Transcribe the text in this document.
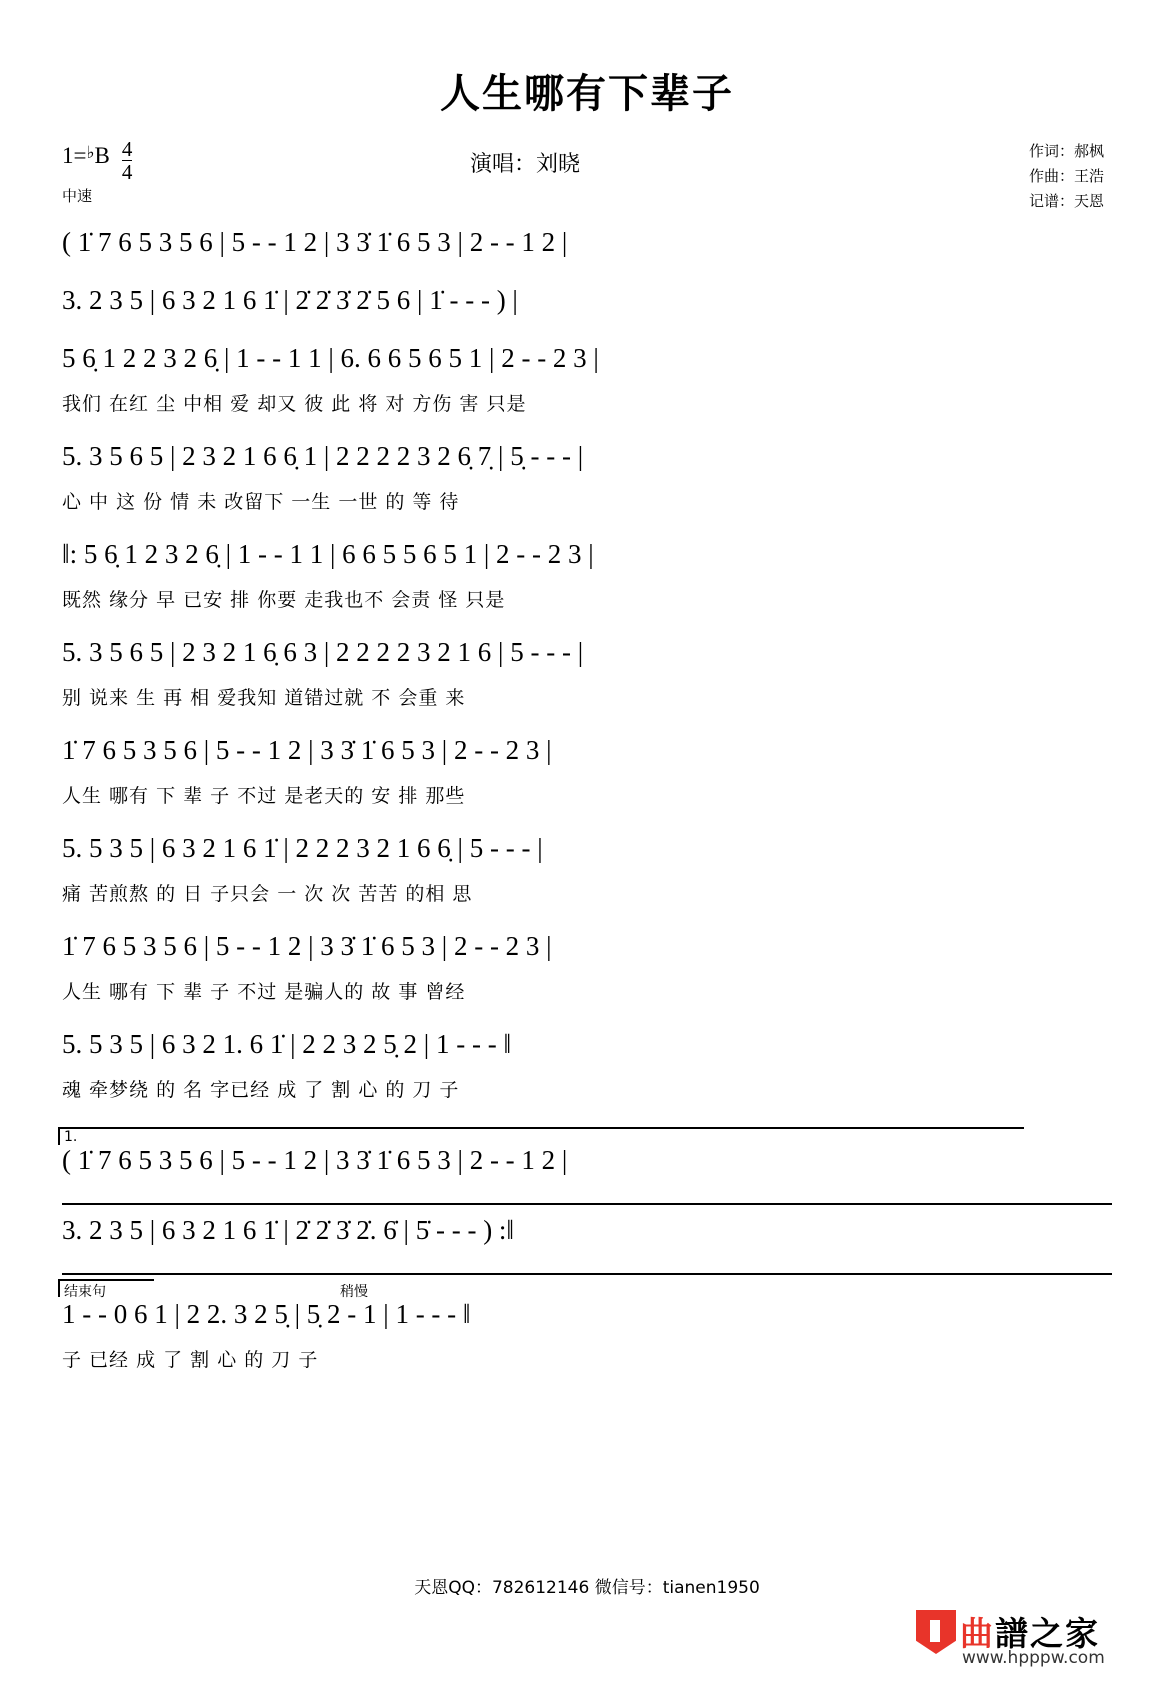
人生哪有下辈子
1= ♭ B $\frac{4}{4}$
中速
演唱：刘晓
作词：郝枫
作曲：王浩
记谱：天恩
( 1̇ 7 6 5 3 5 6 | 5 - - 1 2 | 3 3̇ 1̇ 6 5 3 | 2 - - 1 2 |
3. 2 3 5 | 6 3 2 1 6 1̇ | 2̇ 2̇ 3̇ 2̇ 5 6 | 1̇ - - - ) |
5 6̣ 1 2 2 3 2 6̣ | 1 - - 1 1 | 6. 6 6 5 6 5 1 | 2 - - 2 3 |
我们 在红 尘 中相 爱 却又 彼 此 将 对 方伤 害 只是
5. 3 5 6 5 | 2 3 2 1 6 6̣ 1 | 2 2 2 2 3 2 6̣ 7̣ | 5̣ - - - |
心 中 这 份 情 未 改留下 一生 一世 的 等 待
‖: 5 6̣ 1 2 3 2 6̣ | 1 - - 1 1 | 6 6 5 5 6 5 1 | 2 - - 2 3 |
既然 缘分 早 已安 排 你要 走我也不 会责 怪 只是
5. 3 5 6 5 | 2 3 2 1 6̣ 6 3 | 2 2 2 2 3 2 1 6 | 5 - - - |
别 说来 生 再 相 爱我知 道错过就 不 会重 来
1̇ 7 6 5 3 5 6 | 5 - - 1 2 | 3 3̇ 1̇ 6 5 3 | 2 - - 2 3 |
人生 哪有 下 辈 子 不过 是老天的 安 排 那些
5. 5 3 5 | 6 3 2 1 6 1̇ | 2 2 2 3 2 1 6 6̣ | 5 - - - |
痛 苦煎熬 的 日 子只会 一 次 次 苦苦 的相 思
1̇ 7 6 5 3 5 6 | 5 - - 1 2 | 3 3̇ 1̇ 6 5 3 | 2 - - 2 3 |
人生 哪有 下 辈 子 不过 是骗人的 故 事 曾经
5. 5 3 5 | 6 3 2 1. 6 1̇ | 2 2 3 2 5̣ 2 | 1 - - - ‖
魂 牵梦绕 的 名 字已经 成 了 割 心 的 刀 子
1.
( 1̇ 7 6 5 3 5 6 | 5 - - 1 2 | 3 3̇ 1̇ 6 5 3 | 2 - - 1 2 |
3. 2 3 5 | 6 3 2 1 6 1̇ | 2̇ 2̇ 3̇ 2̇. 6̇ | 5̇ - - - ) :‖
结束句	稍慢
1 - - 0 6 1 | 2 2. 3 2 5̣ | 5̣ 2 - 1 | 1 - - - ‖
子 已经 成 了 割 心 的 刀 子
天恩QQ：782612146 微信号：tianen1950
曲譜之家
www.hpppw.com
